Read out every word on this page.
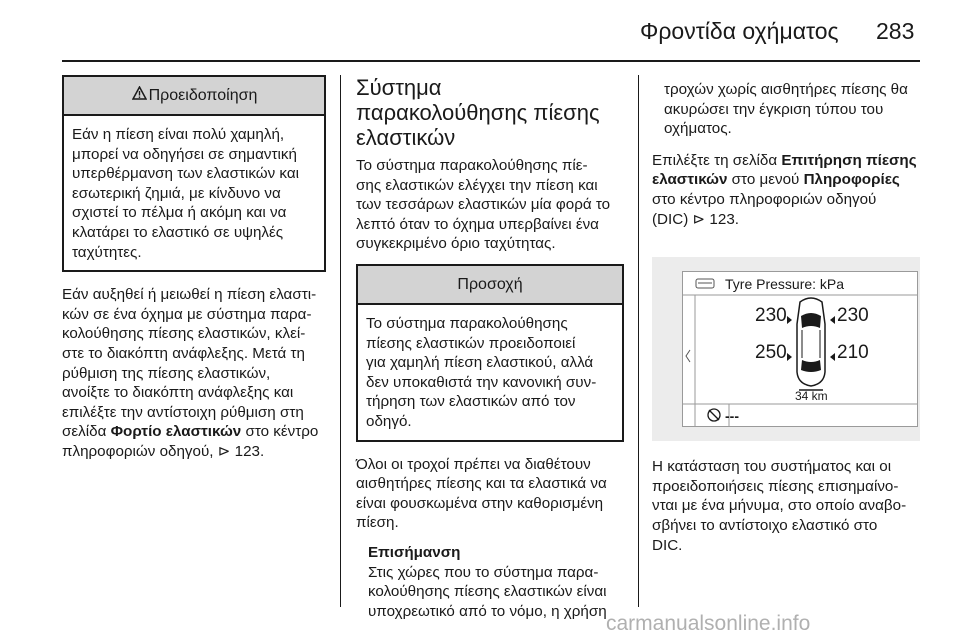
Φροντίδα οχήματος 283
Προειδοποίηση
Εάν η πίεση είναι πολύ χαμηλή,
μπορεί να οδηγήσει σε σημαντική
υπερθέρμανση των ελαστικών και
εσωτερική ζημιά, με κίνδυνο να
σχιστεί το πέλμα ή ακόμη και να
κλατάρει το ελαστικό σε υψηλές
ταχύτητες.
Εάν αυξηθεί ή μειωθεί η πίεση ελαστι-
κών σε ένα όχημα με σύστημα παρα-
κολούθησης πίεσης ελαστικών, κλεί-
στε το διακόπτη ανάφλεξης. Μετά τη
ρύθμιση της πίεσης ελαστικών,
ανοίξτε το διακόπτη ανάφλεξης και
επιλέξτε την αντίστοιχη ρύθμιση στη
σελίδα Φορτίο ελαστικών στο κέντρο
πληροφοριών οδηγού, ⊳ 123.
Σύστημα
παρακολούθησης πίεσης
ελαστικών
Το σύστημα παρακολούθησης πίε-
σης ελαστικών ελέγχει την πίεση και
των τεσσάρων ελαστικών μία φορά το
λεπτό όταν το όχημα υπερβαίνει ένα
συγκεκριμένο όριο ταχύτητας.
Προσοχή
Το σύστημα παρακολούθησης
πίεσης ελαστικών προειδοποιεί
για χαμηλή πίεση ελαστικού, αλλά
δεν υποκαθιστά την κανονική συν-
τήρηση των ελαστικών από τον
οδηγό.
Όλοι οι τροχοί πρέπει να διαθέτουν
αισθητήρες πίεσης και τα ελαστικά να
είναι φουσκωμένα στην καθορισμένη
πίεση.
Επισήμανση
Στις χώρες που το σύστημα παρα-
κολούθησης πίεσης ελαστικών είναι
υποχρεωτικό από το νόμο, η χρήση
τροχών χωρίς αισθητήρες πίεσης θα
ακυρώσει την έγκριση τύπου του
οχήματος.
Επιλέξτε τη σελίδα Επιτήρηση πίεσης
ελαστικών στο μενού Πληροφορίες
στο κέντρο πληροφοριών οδηγού
(DIC) ⊳ 123.
Tyre Pressure: kPa
230	230
250	210
34 km
---
Η κατάσταση του συστήματος και οι
προειδοποιήσεις πίεσης επισημαίνο-
νται με ένα μήνυμα, στο οποίο αναβο-
σβήνει το αντίστοιχο ελαστικό στο
DIC.
carmanualsonline.info
